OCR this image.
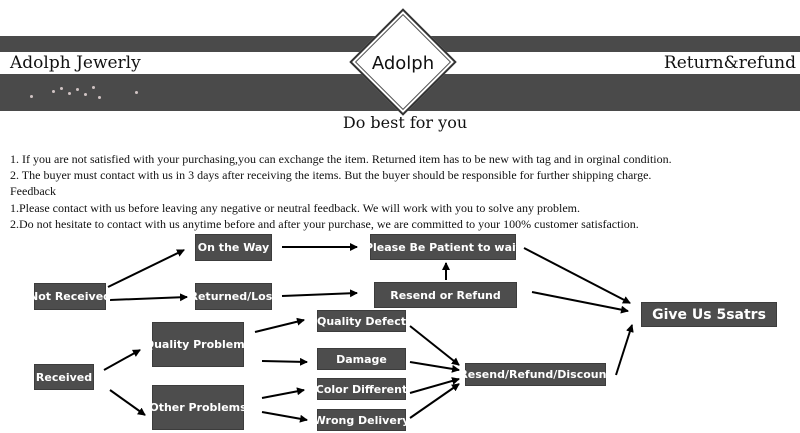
Adolph Jewerly	Return&refund
Adolph
Do best for you
1. If you are not satisfied with your purchasing,you can exchange the item. Returned item has to be new with tag and in orginal condition.
2. The buyer must contact with us in 3 days after receiving the items. But the buyer should be responsible for further shipping charge.
Feedback
1.Please contact with us before leaving any negative or neutral feedback. We will work with you to solve any problem.
2.Do not hesitate to contact with us anytime before and after your purchase, we are committed to your 100% customer satisfaction.
Not Received
On the Way
Returned/Lost
Please Be Patient to wait
Resend or Refund
Give Us 5satrs
Received
Quality Problems
Other Problems
Quality Defect
Damage
Color Different
Wrong Delivery
Resend/Refund/Discount
